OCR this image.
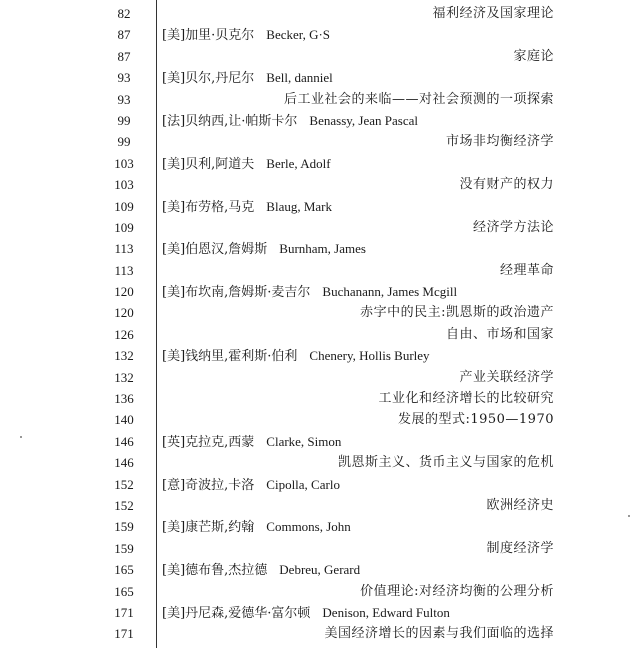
82	福利经济及国家理论
87	[美]加里·贝克尔 Becker, G·S
87	家庭论
93	[美]贝尔,丹尼尔 Bell, danniel
93	后工业社会的来临——对社会预测的一项探索
99	[法]贝纳西,让·帕斯卡尔 Benassy, Jean Pascal
99	市场非均衡经济学
103	[美]贝利,阿道夫 Berle, Adolf
103	没有财产的权力
109	[美]布劳格,马克 Blaug, Mark
109	经济学方法论
113	[美]伯恩汉,詹姆斯 Burnham, James
113	经理革命
120	[美]布坎南,詹姆斯·麦吉尔 Buchanann, James Mcgill
120	赤字中的民主:凯恩斯的政治遗产
126	自由、市场和国家
132	[美]钱纳里,霍利斯·伯利 Chenery, Hollis Burley
132	产业关联经济学
136	工业化和经济增长的比较研究
140	发展的型式:1950—1970
146	[英]克拉克,西蒙 Clarke, Simon
146	凯恩斯主义、货币主义与国家的危机
152	[意]奇波拉,卡洛 Cipolla, Carlo
152	欧洲经济史
159	[美]康芒斯,约翰 Commons, John
159	制度经济学
165	[美]德布鲁,杰拉德 Debreu, Gerard
165	价值理论:对经济均衡的公理分析
171	[美]丹尼森,爱德华·富尔顿 Denison, Edward Fulton
171	美国经济增长的因素与我们面临的选择
